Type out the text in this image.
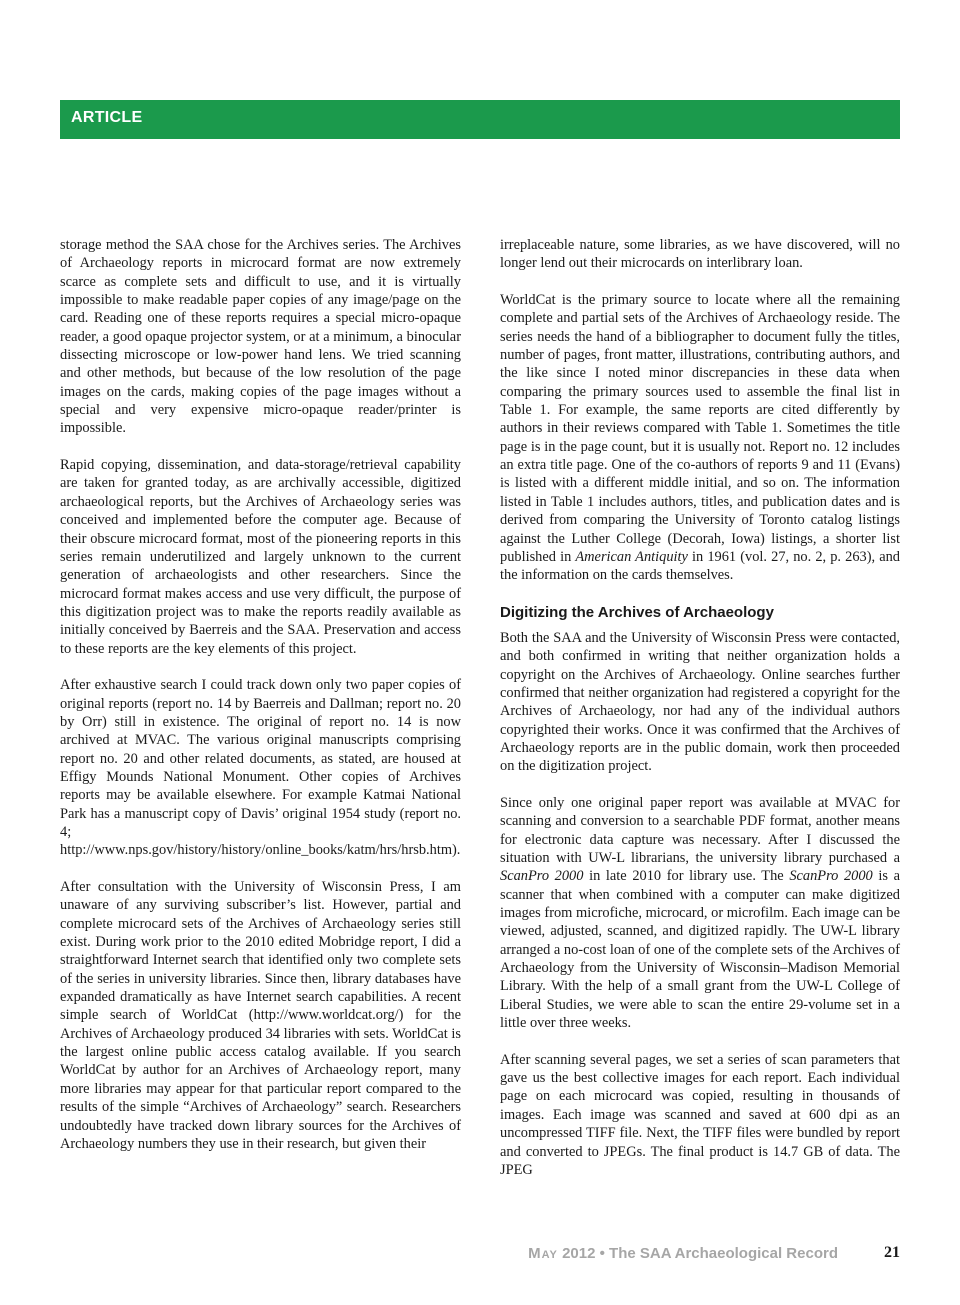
ARTICLE

storage method the SAA chose for the Archives series. The Archives of Archaeology reports in microcard format are now extremely scarce as complete sets and difficult to use, and it is virtually impossible to make readable paper copies of any image/page on the card. Reading one of these reports requires a special micro-opaque reader, a good opaque projector system, or at a minimum, a binocular dissecting microscope or low-power hand lens. We tried scanning and other methods, but because of the low resolution of the page images on the cards, making copies of the page images without a special and very expensive micro-opaque reader/printer is impossible.

Rapid copying, dissemination, and data-storage/retrieval capability are taken for granted today, as are archivally accessible, digitized archaeological reports, but the Archives of Archaeology series was conceived and implemented before the computer age. Because of their obscure microcard format, most of the pioneering reports in this series remain underutilized and largely unknown to the current generation of archaeologists and other researchers. Since the microcard format makes access and use very difficult, the purpose of this digitization project was to make the reports readily available as initially conceived by Baerreis and the SAA. Preservation and access to these reports are the key elements of this project.

After exhaustive search I could track down only two paper copies of original reports (report no. 14 by Baerreis and Dallman; report no. 20 by Orr) still in existence. The original of report no. 14 is now archived at MVAC. The various original manuscripts comprising report no. 20 and other related documents, as stated, are housed at Effigy Mounds National Monument. Other copies of Archives reports may be available elsewhere. For example Katmai National Park has a manuscript copy of Davis’ original 1954 study (report no. 4; http://www.nps.gov/history/history/online_books/katm/hrs/hrsb.htm).

After consultation with the University of Wisconsin Press, I am unaware of any surviving subscriber’s list. However, partial and complete microcard sets of the Archives of Archaeology series still exist. During work prior to the 2010 edited Mobridge report, I did a straightforward Internet search that identified only two complete sets of the series in university libraries. Since then, library databases have expanded dramatically as have Internet search capabilities. A recent simple search of WorldCat (http://www.worldcat.org/) for the Archives of Archaeology produced 34 libraries with sets. WorldCat is the largest online public access catalog available. If you search WorldCat by author for an Archives of Archaeology report, many more libraries may appear for that particular report compared to the results of the simple “Archives of Archaeology” search. Researchers undoubtedly have tracked down library sources for the Archives of Archaeology numbers they use in their research, but given their

irreplaceable nature, some libraries, as we have discovered, will no longer lend out their microcards on interlibrary loan.

WorldCat is the primary source to locate where all the remaining complete and partial sets of the Archives of Archaeology reside. The series needs the hand of a bibliographer to document fully the titles, number of pages, front matter, illustrations, contributing authors, and the like since I noted minor discrepancies in these data when comparing the primary sources used to assemble the final list in Table 1. For example, the same reports are cited differently by authors in their reviews compared with Table 1. Sometimes the title page is in the page count, but it is usually not. Report no. 12 includes an extra title page. One of the co-authors of reports 9 and 11 (Evans) is listed with a different middle initial, and so on. The information listed in Table 1 includes authors, titles, and publication dates and is derived from comparing the University of Toronto catalog listings against the Luther College (Decorah, Iowa) listings, a shorter list published in American Antiquity in 1961 (vol. 27, no. 2, p. 263), and the information on the cards themselves.

Digitizing the Archives of Archaeology

Both the SAA and the University of Wisconsin Press were contacted, and both confirmed in writing that neither organization holds a copyright on the Archives of Archaeology. Online searches further confirmed that neither organization had registered a copyright for the Archives of Archaeology, nor had any of the individual authors copyrighted their works. Once it was confirmed that the Archives of Archaeology reports are in the public domain, work then proceeded on the digitization project.

Since only one original paper report was available at MVAC for scanning and conversion to a searchable PDF format, another means for electronic data capture was necessary. After I discussed the situation with UW-L librarians, the university library purchased a ScanPro 2000 in late 2010 for library use. The ScanPro 2000 is a scanner that when combined with a computer can make digitized images from microfiche, microcard, or microfilm. Each image can be viewed, adjusted, scanned, and digitized rapidly. The UW-L library arranged a no-cost loan of one of the complete sets of the Archives of Archaeology from the University of Wisconsin–Madison Memorial Library. With the help of a small grant from the UW-L College of Liberal Studies, we were able to scan the entire 29-volume set in a little over three weeks.

After scanning several pages, we set a series of scan parameters that gave us the best collective images for each report. Each individual page on each microcard was copied, resulting in thousands of images. Each image was scanned and saved at 600 dpi as an uncompressed TIFF file. Next, the TIFF files were bundled by report and converted to JPEGs. The final product is 14.7 GB of data. The JPEG

May 2012 • The SAA Archaeological Record	21
